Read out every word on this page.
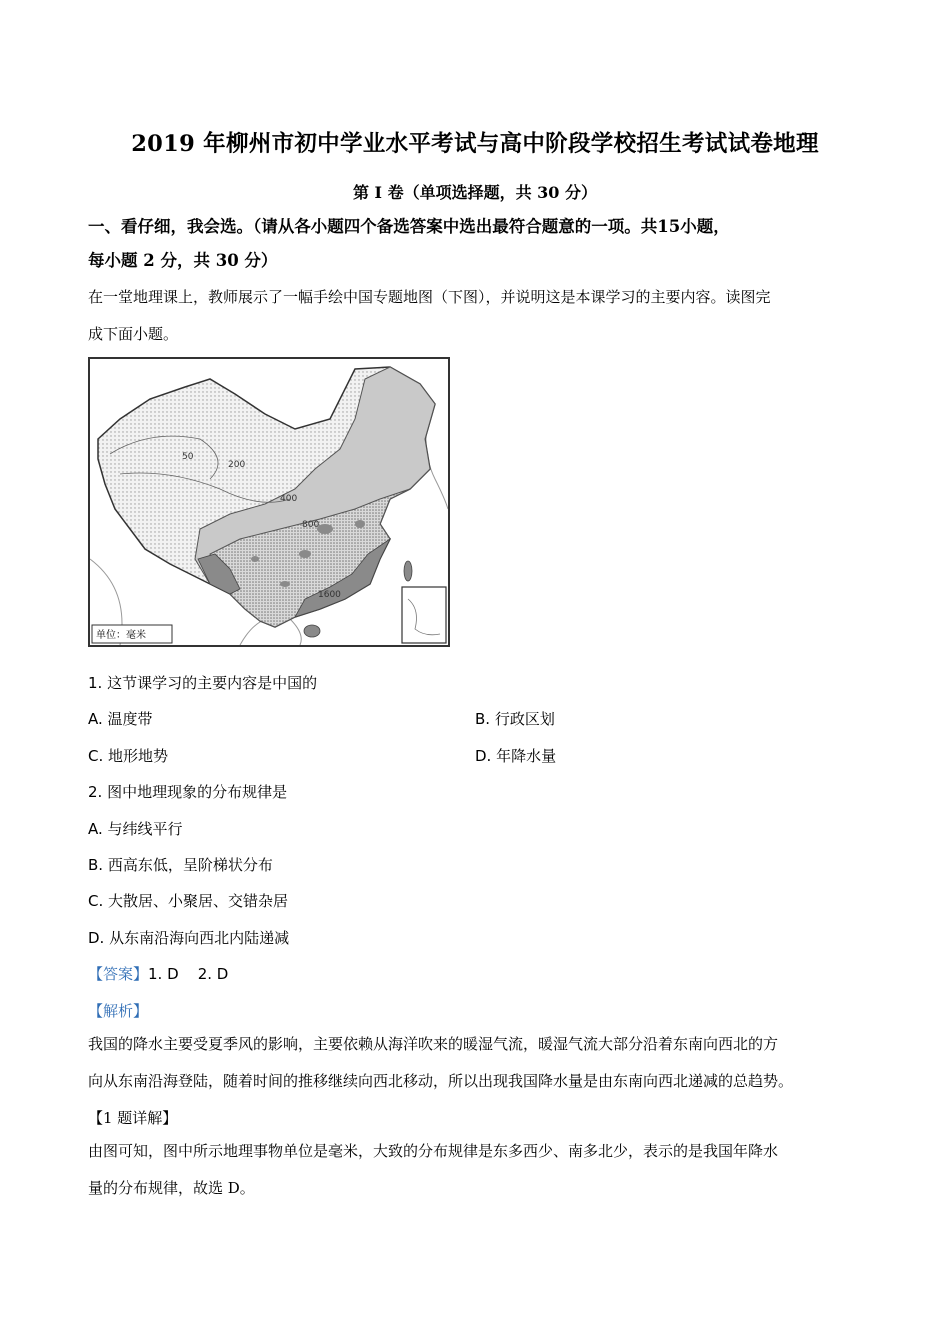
2019 年柳州市初中学业水平考试与高中阶段学校招生考试试卷地理
第 I 卷（单项选择题，共 30 分）
一、看仔细，我会选。（请从各小题四个备选答案中选出最符合题意的一项。共15小题，
每小题 2 分，共 30 分）
在一堂地理课上，教师展示了一幅手绘中国专题地图（下图），并说明这是本课学习的主要内容。读图完
成下面小题。
单位：毫米
50
200
400
800
1600
1. 这节课学习的主要内容是中国的
A. 温度带	B. 行政区划
C. 地形地势	D. 年降水量
2. 图中地理现象的分布规律是
A. 与纬线平行
B. 西高东低，呈阶梯状分布
C. 大散居、小聚居、交错杂居
D. 从东南沿海向西北内陆递减
【答案】1. D    2. D
【解析】
我国的降水主要受夏季风的影响，主要依赖从海洋吹来的暖湿气流，暖湿气流大部分沿着东南向西北的方
向从东南沿海登陆，随着时间的推移继续向西北移动，所以出现我国降水量是由东南向西北递减的总趋势。
【1 题详解】
由图可知，图中所示地理事物单位是毫米，大致的分布规律是东多西少、南多北少，表示的是我国年降水
量的分布规律，故选 D。
